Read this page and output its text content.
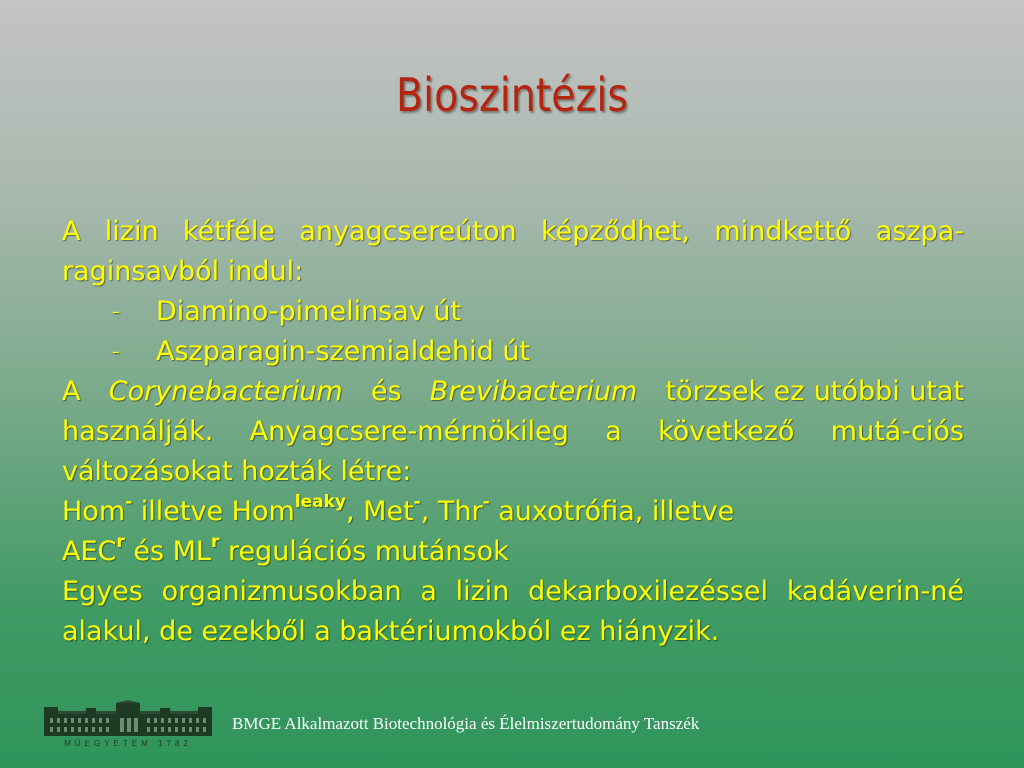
Bioszintézis

A lizin kétféle anyagcsereúton képződhet, mindkettő aszpa-raginsavból indul:

– Diamino-pimelinsav út

– Aszparagin-szemialdehid út

A Corynebacterium és Brevibacterium törzsek ez utóbbi utat használják. Anyagcsere-mérnökileg a következő mutá-ciós változásokat hozták létre:

Hom- illetve Hom$^{leaky}$, Met-, Thr- auxotrófia, illetve

AEC$^r$ és $ML^r$ regulációs mutánsok

Egyes organizmusokban a lizin dekarboxilezéssel kadáverin-né alakul, de ezekből a baktériumokból ez hiányzik.

MŰEGYETEM 1782
BMGE Alkalmazott Biotechnológia és Élelmiszertudomány Tanszék
